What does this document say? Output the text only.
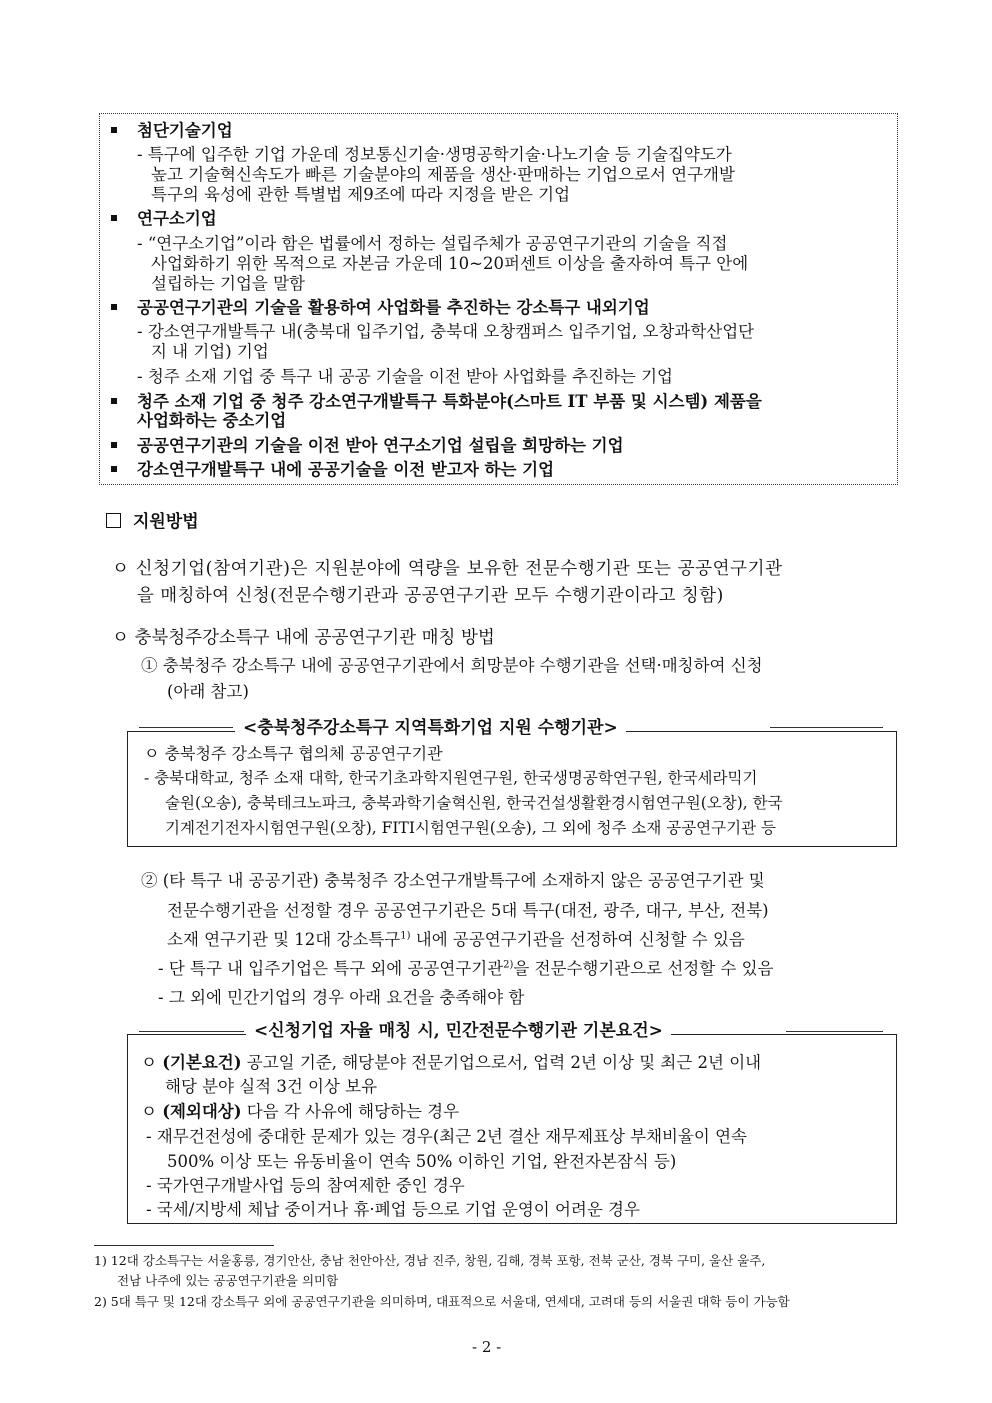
첨단기술기업
- 특구에 입주한 기업 가운데 정보통신기술·생명공학기술·나노기술 등 기술집약도가
높고 기술혁신속도가 빠른 기술분야의 제품을 생산·판매하는 기업으로서 연구개발
특구의 육성에 관한 특별법 제9조에 따라 지정을 받은 기업
연구소기업
- “연구소기업”이라 함은 법률에서 정하는 설립주체가 공공연구기관의 기술을 직접
사업화하기 위한 목적으로 자본금 가운데 10~20퍼센트 이상을 출자하여 특구 안에
설립하는 기업을 말함
공공연구기관의 기술을 활용하여 사업화를 추진하는 강소특구 내외기업
- 강소연구개발특구 내(충북대 입주기업, 충북대 오창캠퍼스 입주기업, 오창과학산업단
지 내 기업) 기업
- 청주 소재 기업 중 특구 내 공공 기술을 이전 받아 사업화를 추진하는 기업
청주 소재 기업 중 청주 강소연구개발특구 특화분야(스마트 IT 부품 및 시스템) 제품을
사업화하는 중소기업
공공연구기관의 기술을 이전 받아 연구소기업 설립을 희망하는 기업
강소연구개발특구 내에 공공기술을 이전 받고자 하는 기업
지원방법
ㅇ 신청기업(참여기관)은 지원분야에 역량을 보유한 전문수행기관 또는 공공연구기관
을 매칭하여 신청(전문수행기관과 공공연구기관 모두 수행기관이라고 칭함)
ㅇ 충북청주강소특구 내에 공공연구기관 매칭 방법
① 충북청주 강소특구 내에 공공연구기관에서 희망분야 수행기관을 선택·매칭하여 신청
(아래 참고)
<충북청주강소특구 지역특화기업 지원 수행기관>
ㅇ 충북청주 강소특구 협의체 공공연구기관
- 충북대학교, 청주 소재 대학, 한국기초과학지원연구원, 한국생명공학연구원, 한국세라믹기
술원(오송), 충북테크노파크, 충북과학기술혁신원, 한국건설생활환경시험연구원(오창), 한국
기계전기전자시험연구원(오창), FITI시험연구원(오송), 그 외에 청주 소재 공공연구기관 등
② (타 특구 내 공공기관) 충북청주 강소연구개발특구에 소재하지 않은 공공연구기관 및
전문수행기관을 선정할 경우 공공연구기관은 5대 특구(대전, 광주, 대구, 부산, 전북)
소재 연구기관 및 12대 강소특구$^{1)}$ 내에 공공연구기관을 선정하여 신청할 수 있음
- 단 특구 내 입주기업은 특구 외에 공공연구기관$^{2)}$을 전문수행기관으로 선정할 수 있음
- 그 외에 민간기업의 경우 아래 요건을 충족해야 함
<신청기업 자율 매칭 시, 민간전문수행기관 기본요건>
ㅇ (기본요건) 공고일 기준, 해당분야 전문기업으로서, 업력 2년 이상 및 최근 2년 이내
해당 분야 실적 3건 이상 보유
ㅇ (제외대상) 다음 각 사유에 해당하는 경우
- 재무건전성에 중대한 문제가 있는 경우(최근 2년 결산 재무제표상 부채비율이 연속
500% 이상 또는 유동비율이 연속 50% 이하인 기업, 완전자본잠식 등)
- 국가연구개발사업 등의 참여제한 중인 경우
- 국세/지방세 체납 중이거나 휴·폐업 등으로 기업 운영이 어려운 경우
1) 12대 강소특구는 서울홍릉, 경기안산, 충남 천안아산, 경남 진주, 창원, 김해, 경북 포항, 전북 군산, 경북 구미, 울산 울주,
전남 나주에 있는 공공연구기관을 의미함
2) 5대 특구 및 12대 강소특구 외에 공공연구기관을 의미하며, 대표적으로 서울대, 연세대, 고려대 등의 서울권 대학 등이 가능함
- 2 -
